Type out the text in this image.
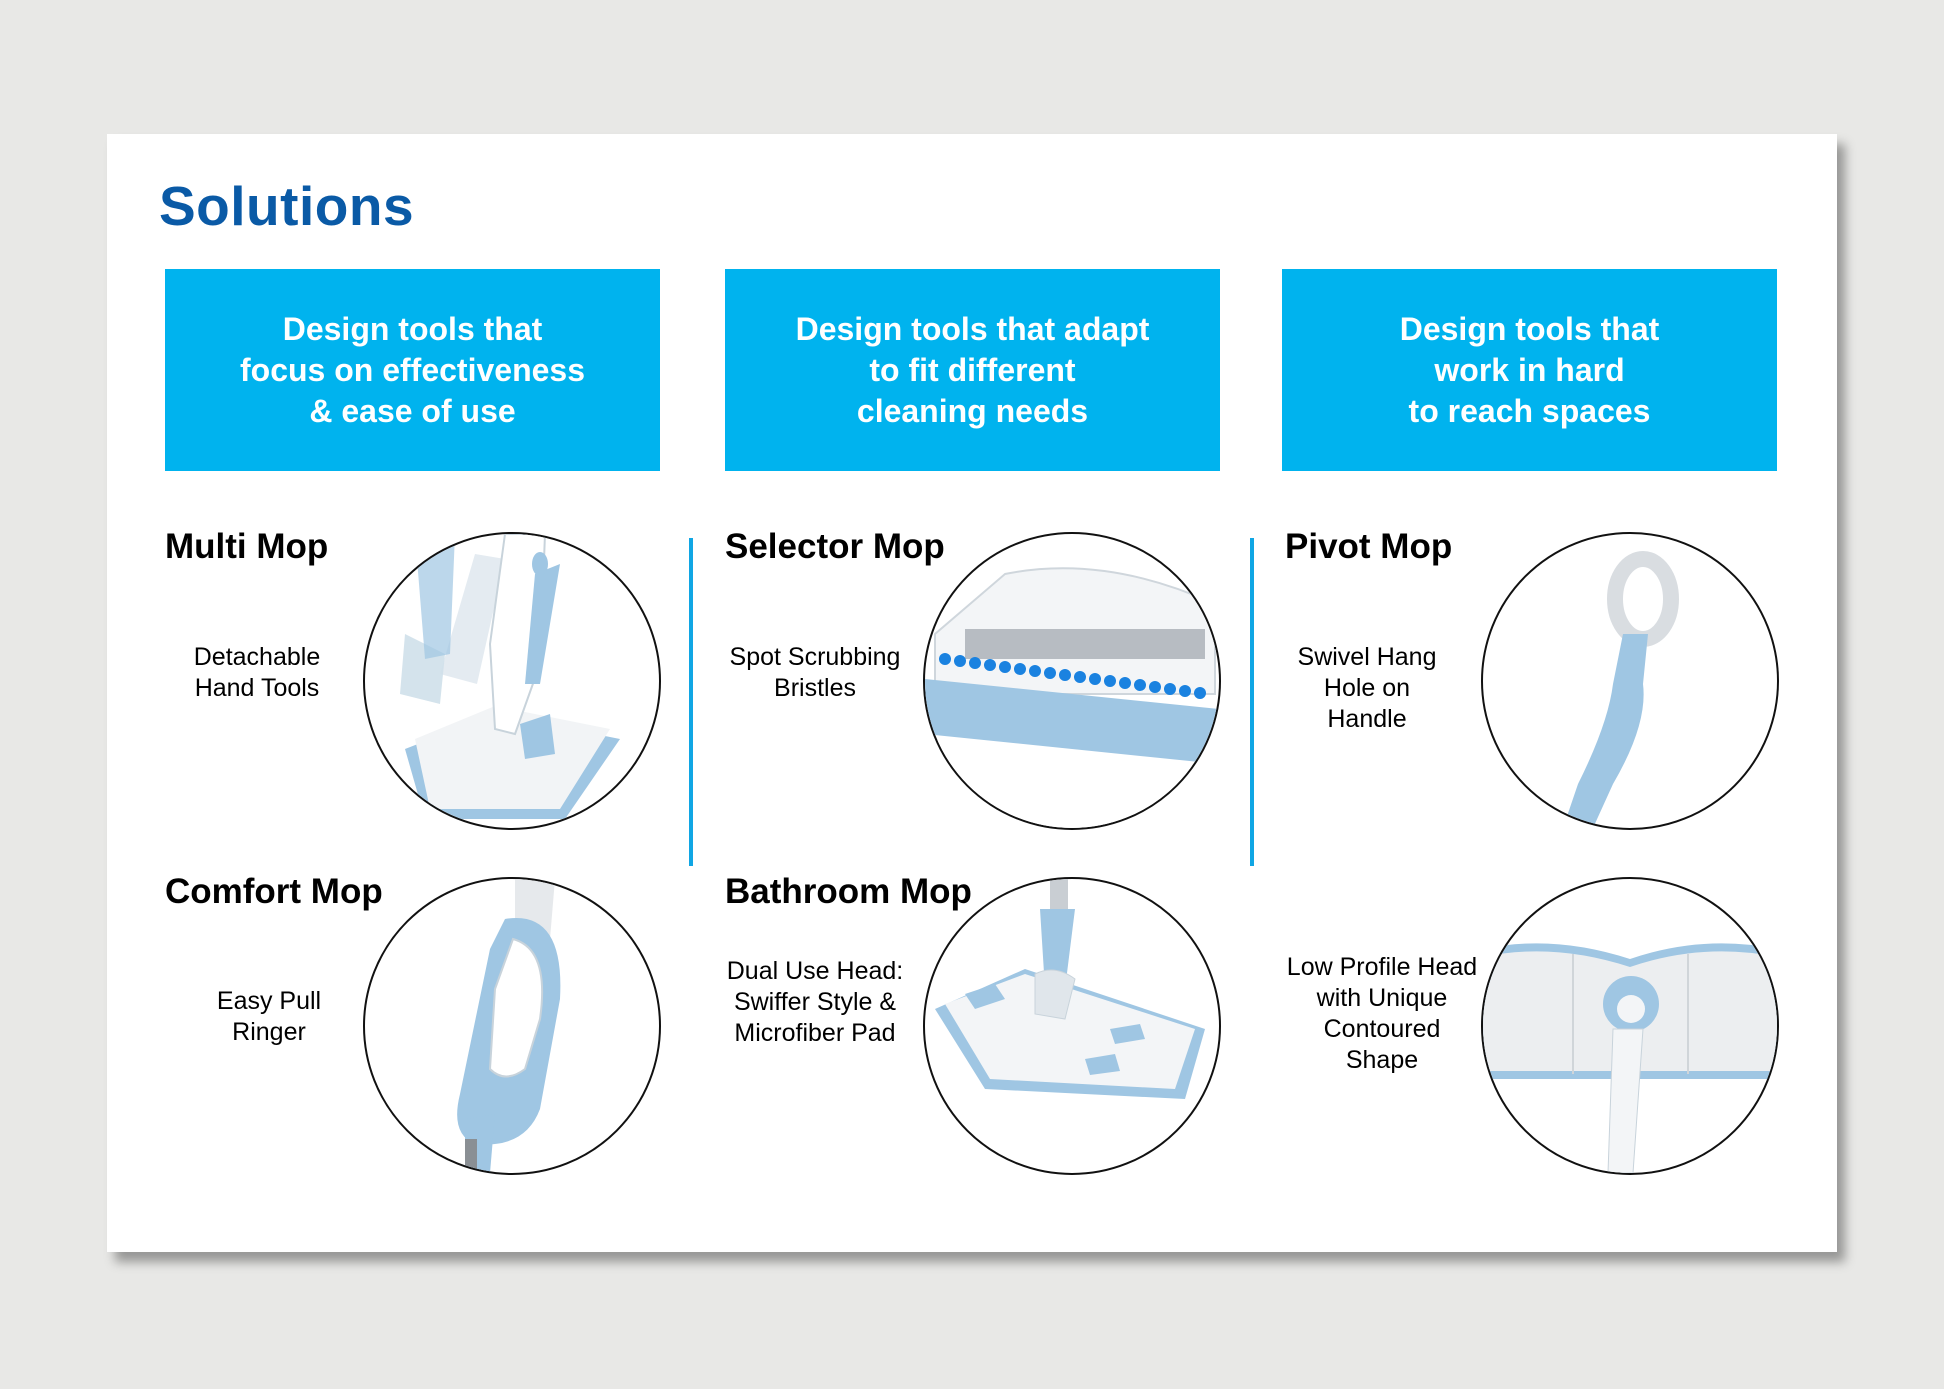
Solutions
Design tools that
focus on effectiveness
& ease of use
Design tools that adapt
to fit different
cleaning needs
Design tools that
work in hard
to reach spaces
Multi Mop
Detachable
Hand Tools
Comfort Mop
Easy Pull
Ringer
Selector Mop
Spot Scrubbing
Bristles
Bathroom Mop
Dual Use Head:
Swiffer Style &
Microfiber Pad
Pivot Mop
Swivel Hang
Hole on
Handle
Low Profile Head
with Unique
Contoured
Shape
